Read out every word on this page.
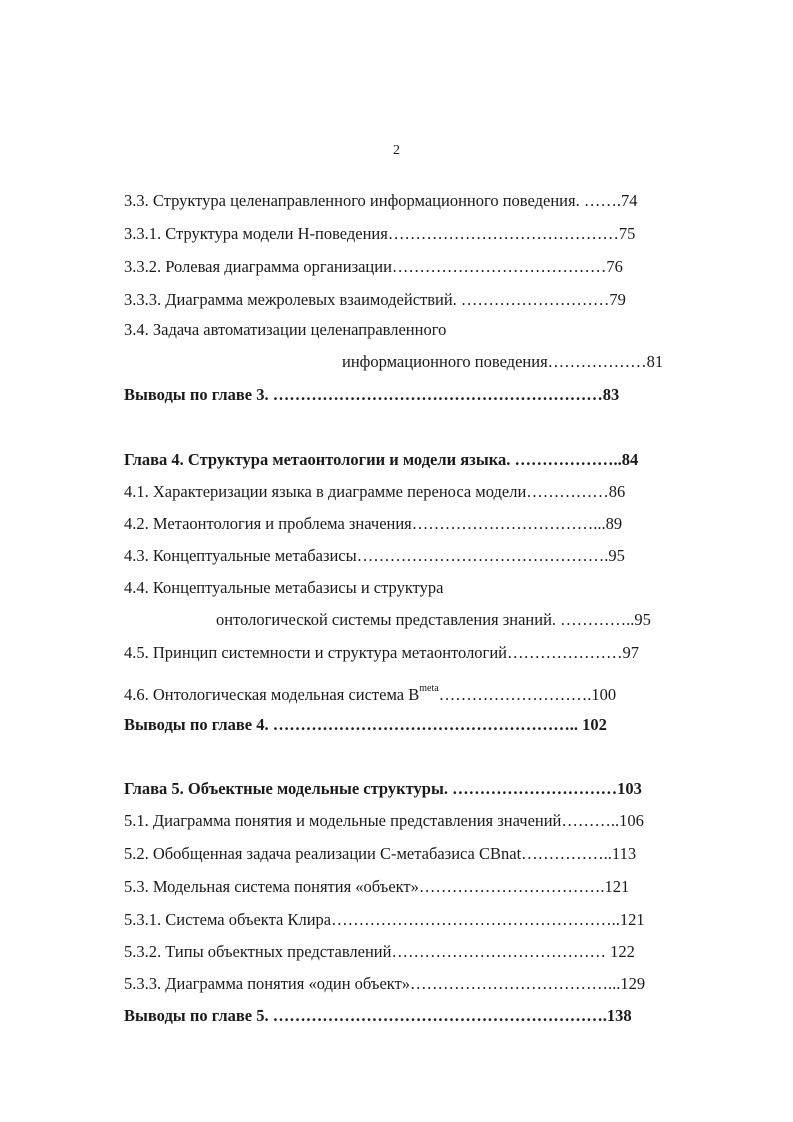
2
3.3. Структура целенаправленного информационного поведения. …….74
3.3.1. Структура модели Н-поведения……………………………………75
3.3.2. Ролевая диаграмма организации…………………………………76
3.3.3. Диаграмма межролевых взаимодействий. ………………………79
3.4. Задача автоматизации целенаправленного
информационного поведения………………81
Выводы по главе 3. ……………………………………………………83
Глава 4. Структура метаонтологии и модели языка. ………………..84
4.1. Характеризации языка в диаграмме переноса модели……………86
4.2. Метаонтология и проблема значения……………………………...89
4.3. Концептуальные метабазисы……………………………………….95
4.4. Концептуальные метабазисы и структура
онтологической системы представления знаний. …………..95
4.5. Принцип системности и структура метаонтологий…………………97
4.6. Онтологическая модельная система $B^{meta}\dots\dots\dots\dots\dots\dots\dots\dots\dots.100$
Выводы по главе 4. ……………………………………………….. 102
Глава 5. Объектные модельные структуры. …………………………103
5.1. Диаграмма понятия и модельные представления значений………..106
5.2. Обобщенная задача реализации С-метабазиса CBnat……………..113
5.3. Модельная система понятия «объект»…………………………….121
5.3.1. Система объекта Клира……………………………………………..121
5.3.2. Типы объектных представлений………………………………… 122
5.3.3. Диаграмма понятия «один объект»………………………………...129
Выводы по главе 5. …………………………………………………….138
